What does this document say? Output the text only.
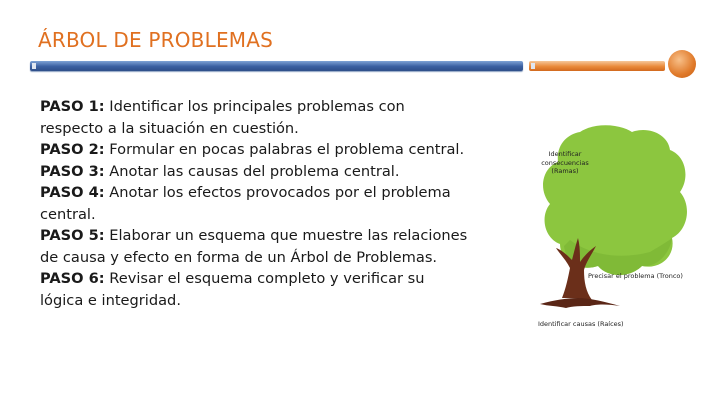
ÁRBOL DE PROBLEMAS
PASO 1: Identificar los principales problemas con respecto a la situación en cuestión.
PASO 2: Formular en pocas palabras el problema central.
PASO 3: Anotar las causas del problema central.
PASO 4: Anotar los efectos provocados por el problema central.
PASO 5: Elaborar un esquema que muestre las relaciones de causa y efecto en forma de un Árbol de Problemas.
PASO 6: Revisar el esquema completo y verificar su lógica e integridad.
Identificar
consecuencias
(Ramas)
Precisar el problema (Tronco)
Identificar causas (Raíces)
